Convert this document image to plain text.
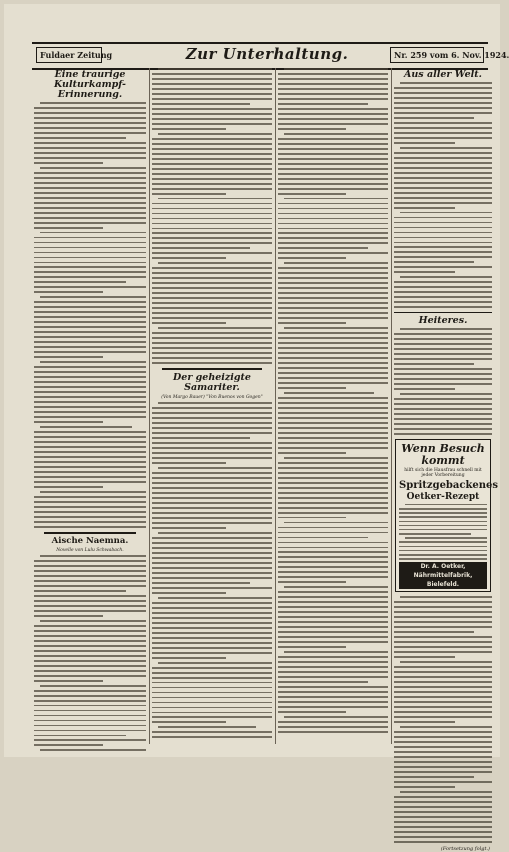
Fuldaer Zeitung	Zur Unterhaltung.	Nr. 259 vom 6. Nov. 1924.
Eine traurige Kulturkampf-Erinnerung.
Aische Naemna.
Novelle von Lulu Schwabach.
Der geheizigte Samariter.
(Von Margo Bauer) "Von Buenos von Gogen"
Aus aller Welt.
Heiteres.
Wenn Besuch kommt
hilft sich die Hausfrau schnell mit jeder Vorbereitung
Spritzgebackenes
Oetker-Rezept
Dr. A. Oetker, Nährmittelfabrik, Bielefeld.
(Fortsetzung folgt.)
